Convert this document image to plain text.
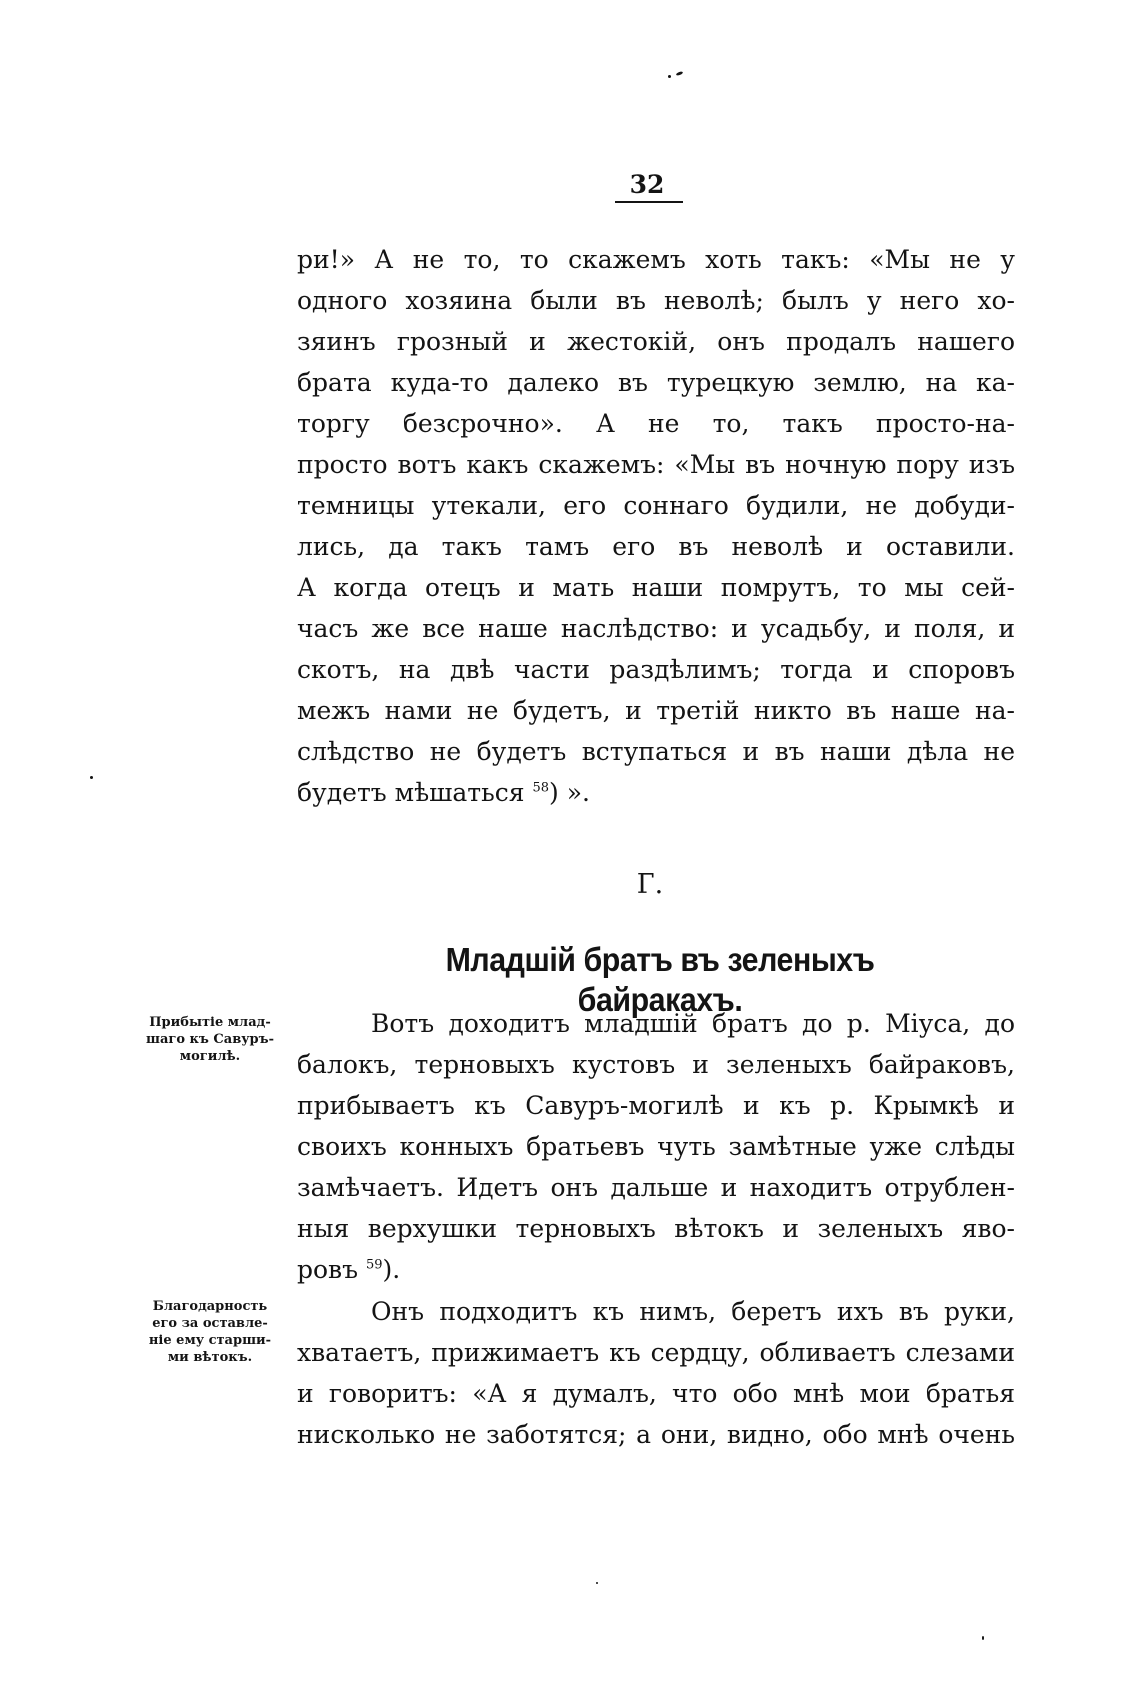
32
ри!» А не то, то скажемъ хоть такъ: «Мы не у
одного хозяина были въ неволѣ; былъ у него хо-
зяинъ грозный и жестокій, онъ продалъ нашего
брата куда-то далеко въ турецкую землю, на ка-
торгу безсрочно». А не то, такъ просто-на-
просто вотъ какъ скажемъ: «Мы въ ночную пору изъ
темницы утекали, его соннаго будили, не добуди-
лись, да такъ тамъ его въ неволѣ и оставили.
А когда отецъ и мать наши помрутъ, то мы сей-
часъ же все наше наслѣдство: и усадьбу, и поля, и
скотъ, на двѣ части раздѣлимъ; тогда и споровъ
межъ нами не будетъ, и третій никто въ наше на-
слѣдство не будетъ вступаться и въ наши дѣла не
будетъ мѣшаться $^{58}$) ».
Г.
Младшій братъ въ зеленыхъ байракахъ.
Прибытіе млад-
шаго къ Савуръ-
могилѣ.
Благодарность
его за оставле-
ніе ему старши-
ми вѣтокъ.
Вотъ доходитъ младшій братъ до р. Міуса, до
балокъ, терновыхъ кустовъ и зеленыхъ байраковъ,
прибываетъ къ Савуръ-могилѣ и къ р. Крымкѣ и
своихъ конныхъ братьевъ чуть замѣтные уже слѣды
замѣчаетъ. Идетъ онъ дальше и находитъ отрублен-
ныя верхушки терновыхъ вѣтокъ и зеленыхъ яво-
ровъ $^{59}$).
Онъ подходитъ къ нимъ, беретъ ихъ въ руки,
хватаетъ, прижимаетъ къ сердцу, обливаетъ слезами
и говоритъ: «А я думалъ, что обо мнѣ мои братья
нисколько не заботятся; а они, видно, обо мнѣ очень
